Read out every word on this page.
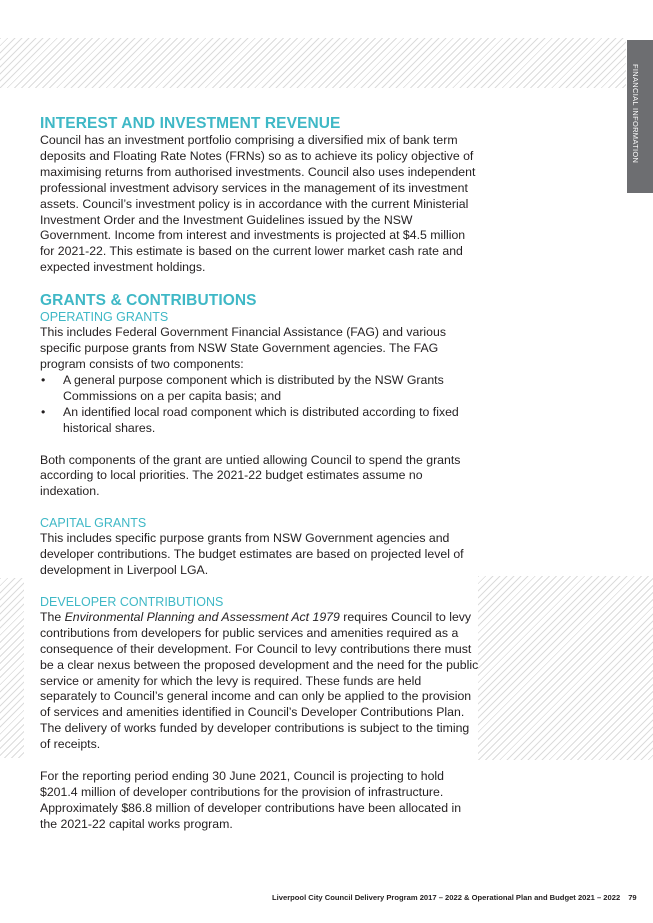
FINANCIAL INFORMATION
INTEREST AND INVESTMENT REVENUE

Council has an investment portfolio comprising a diversified mix of bank term deposits and Floating Rate Notes (FRNs) so as to achieve its policy objective of maximising returns from authorised investments. Council also uses independent professional investment advisory services in the management of its investment assets. Council’s investment policy is in accordance with the current Ministerial Investment Order and the Investment Guidelines issued by the NSW Government. Income from interest and investments is projected at $4.5 million for 2021-22. This estimate is based on the current lower market cash rate and expected investment holdings.

GRANTS & CONTRIBUTIONS
OPERATING GRANTS

This includes Federal Government Financial Assistance (FAG) and various specific purpose grants from NSW State Government agencies. The FAG program consists of two components:

• A general purpose component which is distributed by the NSW Grants Commissions on a per capita basis; and
• An identified local road component which is distributed according to fixed historical shares.

Both components of the grant are untied allowing Council to spend the grants according to local priorities. The 2021-22 budget estimates assume no indexation.

CAPITAL GRANTS

This includes specific purpose grants from NSW Government agencies and developer contributions. The budget estimates are based on projected level of development in Liverpool LGA.

DEVELOPER CONTRIBUTIONS

The Environmental Planning and Assessment Act 1979 requires Council to levy contributions from developers for public services and amenities required as a consequence of their development. For Council to levy contributions there must be a clear nexus between the proposed development and the need for the public service or amenity for which the levy is required. These funds are held separately to Council’s general income and can only be applied to the provision of services and amenities identified in Council’s Developer Contributions Plan. The delivery of works funded by developer contributions is subject to the timing of receipts.

For the reporting period ending 30 June 2021, Council is projecting to hold $201.4 million of developer contributions for the provision of infrastructure. Approximately $86.8 million of developer contributions have been allocated in the 2021-22 capital works program.

Liverpool City Council Delivery Program 2017 – 2022 & Operational Plan and Budget 2021 – 2022 79
